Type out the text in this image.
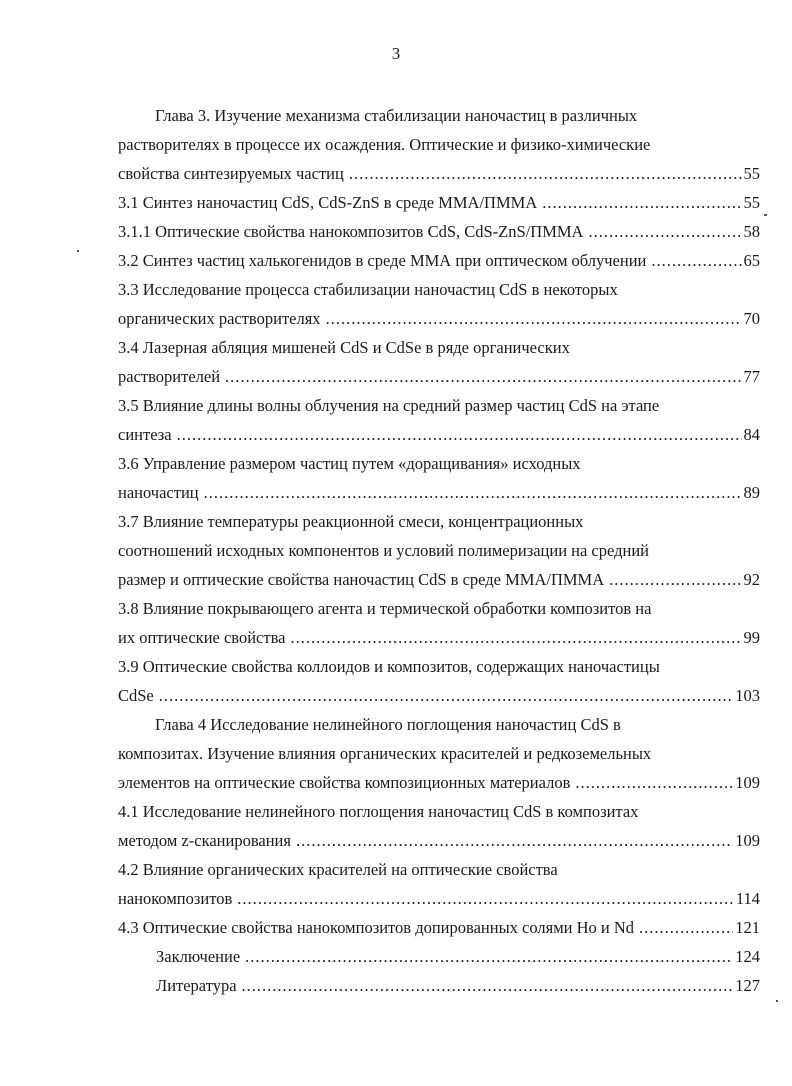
3
Глава 3. Изучение механизма стабилизации наночастиц в различных
растворителях в процессе их осаждения. Оптические и физико-химические
свойства синтезируемых частиц .....	55
3.1 Синтез наночастиц CdS, CdS-ZnS в среде ММА/ПММА .....	55
3.1.1 Оптические свойства нанокомпозитов CdS, CdS-ZnS/ПММА .....	58
3.2 Синтез частиц халькогенидов в среде ММА при оптическом облучении .....	65
3.3 Исследование процесса стабилизации наночастиц CdS в некоторых
органических растворителях .....	70
3.4 Лазерная абляция мишеней CdS и CdSe в ряде органических
растворителей .....	77
3.5 Влияние длины волны облучения на средний размер частиц CdS на этапе
синтеза .....	84
3.6 Управление размером частиц путем «доращивания» исходных
наночастиц .....	89
3.7 Влияние температуры реакционной смеси, концентрационных
соотношений исходных компонентов и условий полимеризации на средний
размер и оптические свойства наночастиц CdS в среде ММА/ПММА .....	92
3.8 Влияние покрывающего агента и термической обработки композитов на
их оптические свойства .....	99
3.9 Оптические свойства коллоидов и композитов, содержащих наночастицы
CdSe .....	103
Глава 4 Исследование нелинейного поглощения наночастиц CdS в
композитах. Изучение влияния органических красителей и редкоземельных
элементов на оптические свойства композиционных материалов .....	109
4.1 Исследование нелинейного поглощения наночастиц CdS в композитах
методом z-сканирования .....	109
4.2 Влияние органических красителей на оптические свойства
нанокомпозитов .....	114
4.3 Оптические свойства нанокомпозитов допированных солями Но и Nd .....	121
Заключение .....	124
Литература .....	127
